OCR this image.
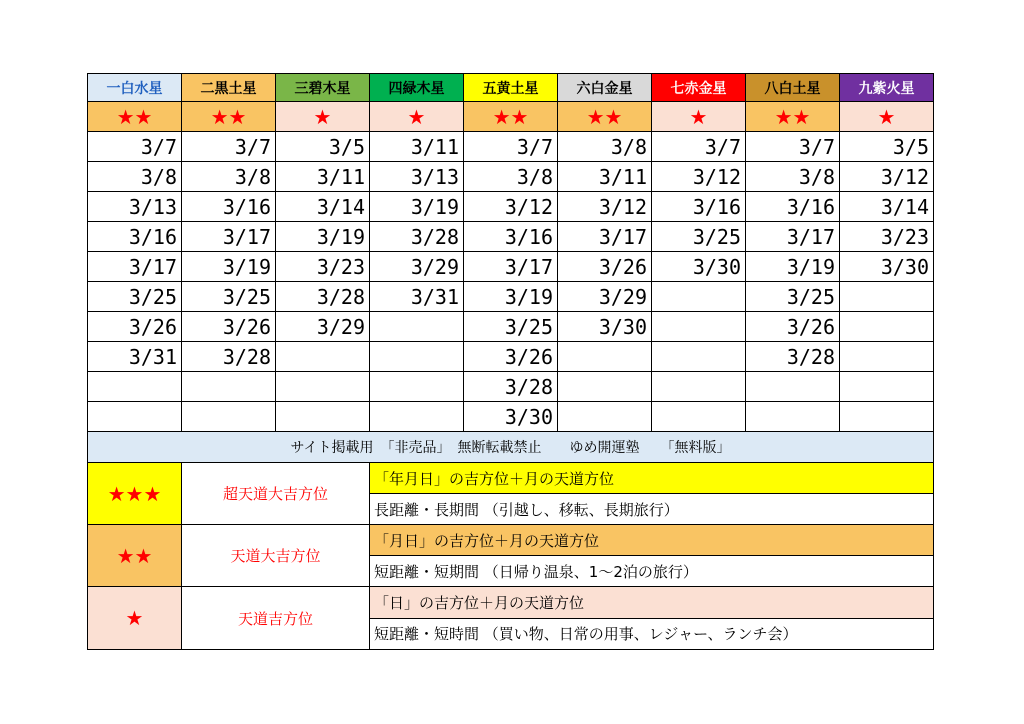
一白水星	二黒土星	三碧木星	四緑木星	五黄土星	六白金星	七赤金星	八白土星	九紫火星
★★	★★	★	★	★★	★★	★	★★	★
3/7	3/7	3/5	3/11	3/7	3/8	3/7	3/7	3/5
3/8	3/8	3/11	3/13	3/8	3/11	3/12	3/8	3/12
3/13	3/16	3/14	3/19	3/12	3/12	3/16	3/16	3/14
3/16	3/17	3/19	3/28	3/16	3/17	3/25	3/17	3/23
3/17	3/19	3/23	3/29	3/17	3/26	3/30	3/19	3/30
3/25	3/25	3/28	3/31	3/19	3/29		3/25	
3/26	3/26	3/29		3/25	3/30		3/26	
3/31	3/28			3/26			3/28	
				3/28				
				3/30				
サイト掲載用　「非売品」　無断転載禁止　　ゆめ開運塾　　「無料版」								
★★★	超天道大吉方位		「年月日」の吉方位＋月の天道方位					
			長距離・長期間 （引越し、移転、長期旅行）					
★★	天道大吉方位		「月日」の吉方位＋月の天道方位					
			短距離・短期間 （日帰り温泉、1～2泊の旅行）					
★	天道吉方位		「日」の吉方位＋月の天道方位					
			短距離・短時間 （買い物、日常の用事、レジャー、ランチ会）					
